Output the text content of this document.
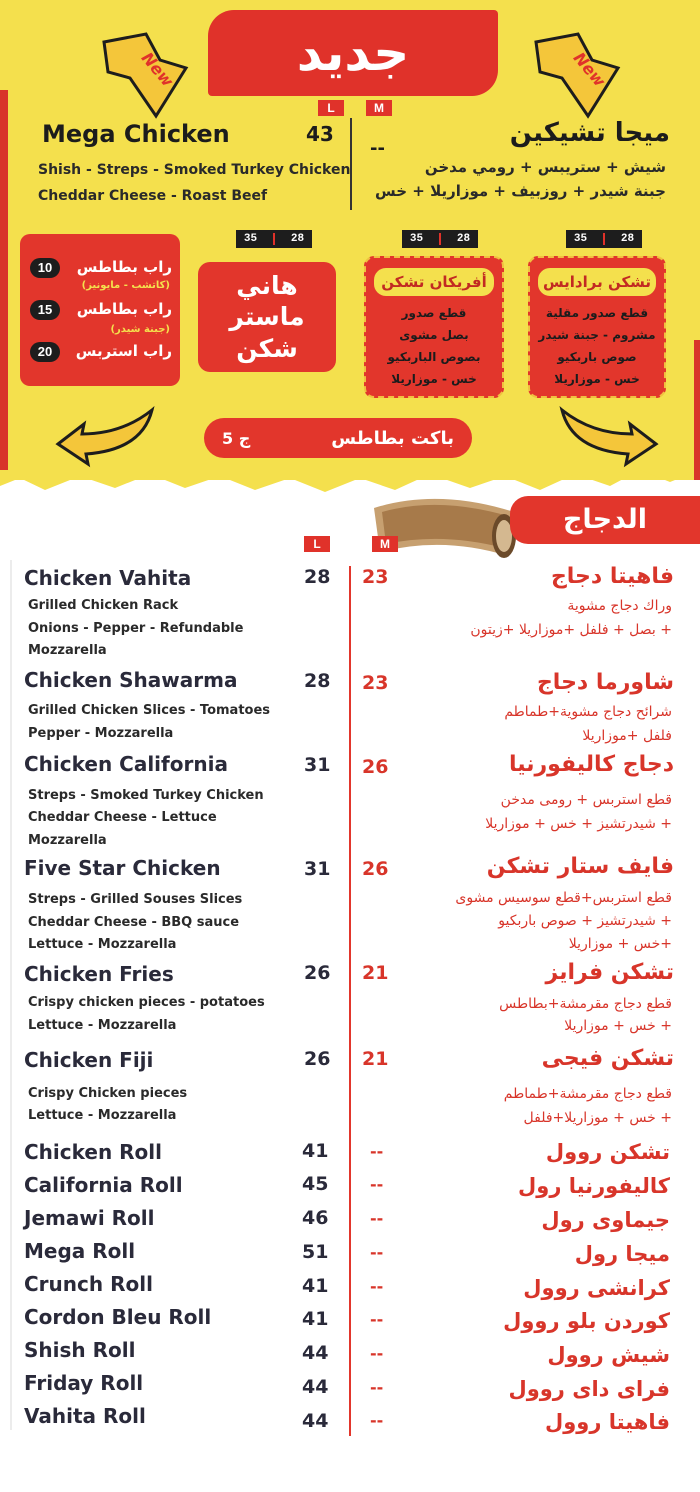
جديد
New	New
L	M
Mega Chicken	43
Shish - Streps - Smoked Turkey Chicken
Cheddar Cheese - Roast Beef
ميجا تشيكين
--
شيش + ستريبس + رومي مدخن
جبنة شيدر + روزبيف + موزاريلا + خس
35	28	35	28	35	28
تشكن برادايس
قطع صدور مقلية
مشروم - جبنة شيدر
صوص باربكيو
خس - موزاريلا
أفريكان تشكن
قطع صدور
بصل مشوى
بصوص الباربكيو
خس - موزاريلا
هاني
ماستر شكن
10	راب بطاطس
(كاتشب - مايونيز)
15	راب بطاطس
(جبنة شيدر)
20	راب استربس
5 ج	باكت بطاطس
الدجاج
L	M
Chicken Vahita	28 23	فاهيتا دجاج
Grilled Chicken Rack
Onions - Pepper - Refundable
Mozzarella
وراك دجاج مشوية
+ بصل + فلفل +موزاريلا +زيتون
Chicken Shawarma	28 23	شاورما دجاج
Grilled Chicken Slices - Tomatoes
Pepper - Mozzarella
شرائح دجاج مشوية+طماطم
فلفل +موزاريلا
Chicken California	31 26	دجاج كاليفورنيا
Streps - Smoked Turkey Chicken
Cheddar Cheese - Lettuce
Mozzarella
قطع استربس + رومى مدخن
+ شيدرتشيز + خس + موزاريلا
Five Star Chicken	31 26	فايف ستار تشكن
Streps - Grilled Souses Slices
Cheddar Cheese - BBQ sauce
Lettuce - Mozzarella
قطع استربس+قطع سوسيس مشوى
+ شيدرتشيز + صوص باربكيو
+خس + موزاريلا
Chicken Fries	26 21	تشكن فرايز
Crispy chicken pieces - potatoes
Lettuce - Mozzarella
قطع دجاج مقرمشة+بطاطس
+ خس + موزاريلا
Chicken Fiji	26 21	تشكن فيجى
Crispy Chicken pieces
Lettuce - Mozzarella
قطع دجاج مقرمشة+طماطم
+ خس + موزاريلا+فلفل
Chicken Roll	41	--	تشكن روول
California Roll	45	--	كاليفورنيا رول
Jemawi Roll	46	--	جيماوى رول
Mega Roll	51	--	ميجا رول
Crunch Roll	41	--	كرانشى روول
Cordon Bleu Roll	41	--	كوردن بلو روول
Shish Roll	44	--	شيش روول
Friday Roll	44	--	فراى داى روول
Vahita Roll	44	--	فاهيتا روول
